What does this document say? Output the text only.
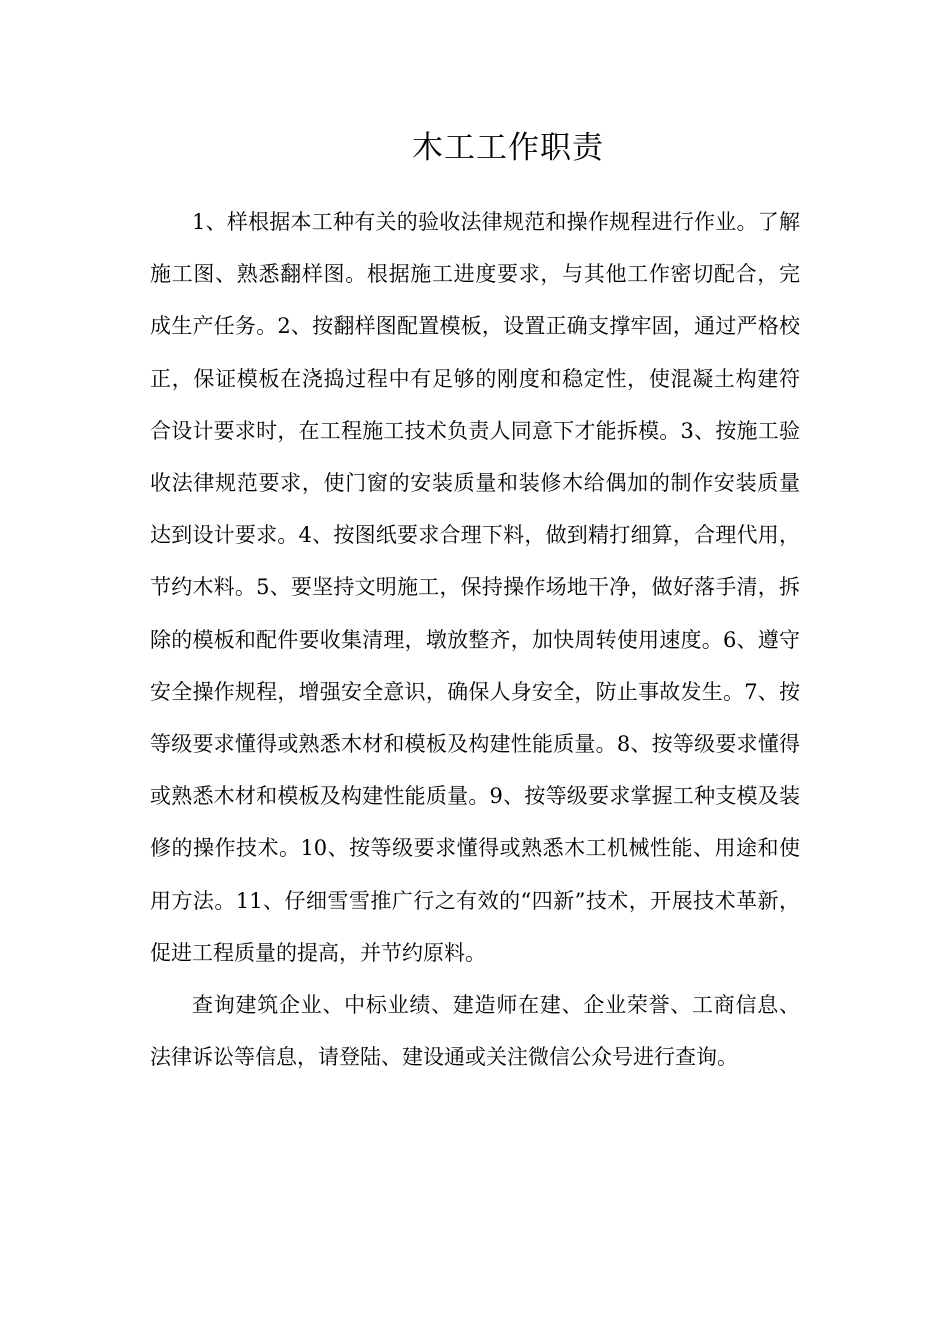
木工工作职责

1、样根据本工种有关的验收法律规范和操作规程进行作业。了解施工图、熟悉翻样图。根据施工进度要求，与其他工作密切配合，完成生产任务。2、按翻样图配置模板，设置正确支撑牢固，通过严格校正，保证模板在浇捣过程中有足够的刚度和稳定性，使混凝土构建符合设计要求时，在工程施工技术负责人同意下才能拆模。3、按施工验收法律规范要求，使门窗的安装质量和装修木给偶加的制作安装质量达到设计要求。4、按图纸要求合理下料，做到精打细算，合理代用，节约木料。5、要坚持文明施工，保持操作场地干净，做好落手清，拆除的模板和配件要收集清理，墩放整齐，加快周转使用速度。6、遵守安全操作规程，增强安全意识，确保人身安全，防止事故发生。7、按等级要求懂得或熟悉木材和模板及构建性能质量。8、按等级要求懂得或熟悉木材和模板及构建性能质量。9、按等级要求掌握工种支模及装修的操作技术。10、按等级要求懂得或熟悉木工机械性能、用途和使用方法。11、仔细雪雪推广行之有效的“四新”技术，开展技术革新，促进工程质量的提高，并节约原料。

查询建筑企业、中标业绩、建造师在建、企业荣誉、工商信息、法律诉讼等信息，请登陆、建设通或关注微信公众号进行查询。
